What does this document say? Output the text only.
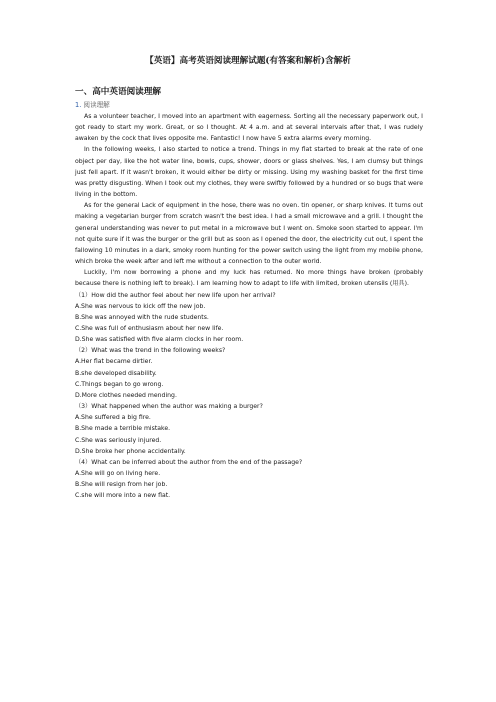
【英语】高考英语阅读理解试题(有答案和解析)含解析
一、高中英语阅读理解
1. 阅读理解

As a volunteer teacher, I moved into an apartment with eagerness. Sorting all the necessary paperwork out, I got ready to start my work. Great, or so I thought. At 4 a.m. and at several intervals after that, I was rudely awaken by the cock that lives opposite me. Fantastic! I now have 5 extra alarms every morning.

In the following weeks, I also started to notice a trend. Things in my flat started to break at the rate of one object per day, like the hot water line, bowls, cups, shower, doors or glass shelves. Yes, I am clumsy but things just fell apart. If it wasn't broken, it would either be dirty or missing. Using my washing basket for the first time was pretty disgusting. When I took out my clothes, they were swiftly followed by a hundred or so bugs that were living in the bottom.

As for the general Lack of equipment in the hose, there was no oven. tin opener, or sharp knives. It turns out making a vegetarian burger from scratch wasn't the best idea. I had a small microwave and a grill. I thought the general understanding was never to put metal in a microwave but I went on. Smoke soon started to appear. I'm not quite sure if it was the burger or the grill but as soon as I opened the door, the electricity cut out, I spent the fallowing 10 minutes in a dark, smoky room hunting for the power switch using the light from my mobile phone, which broke the week after and left me without a connection to the outer world.

Luckily, I'm now borrowing a phone and my luck has returned. No more things have broken (probably because there is nothing left to break). I am learning how to adapt to life with limited, broken utensils (用具).

（1）How did the author feel about her new life upon her arrival?

A.She was nervous to kick off the new job.

B.She was annoyed with the rude students.

C.She was full of enthusiasm about her new life.

D.She was satisfied with five alarm clocks in her room.

（2）What was the trend in the following weeks?

A.Her flat became dirtier.

B.she developed disability.

C.Things began to go wrong.

D.More clothes needed mending.

（3）What happened when the author was making a burger?

A.She suffered a big fire.

B.She made a terrible mistake.

C.She was seriously injured.

D.She broke her phone accidentally.

（4）What can be inferred about the author from the end of the passage?

A.She will go on living here.

B.She will resign from her job.

C.she will more into a new flat.
